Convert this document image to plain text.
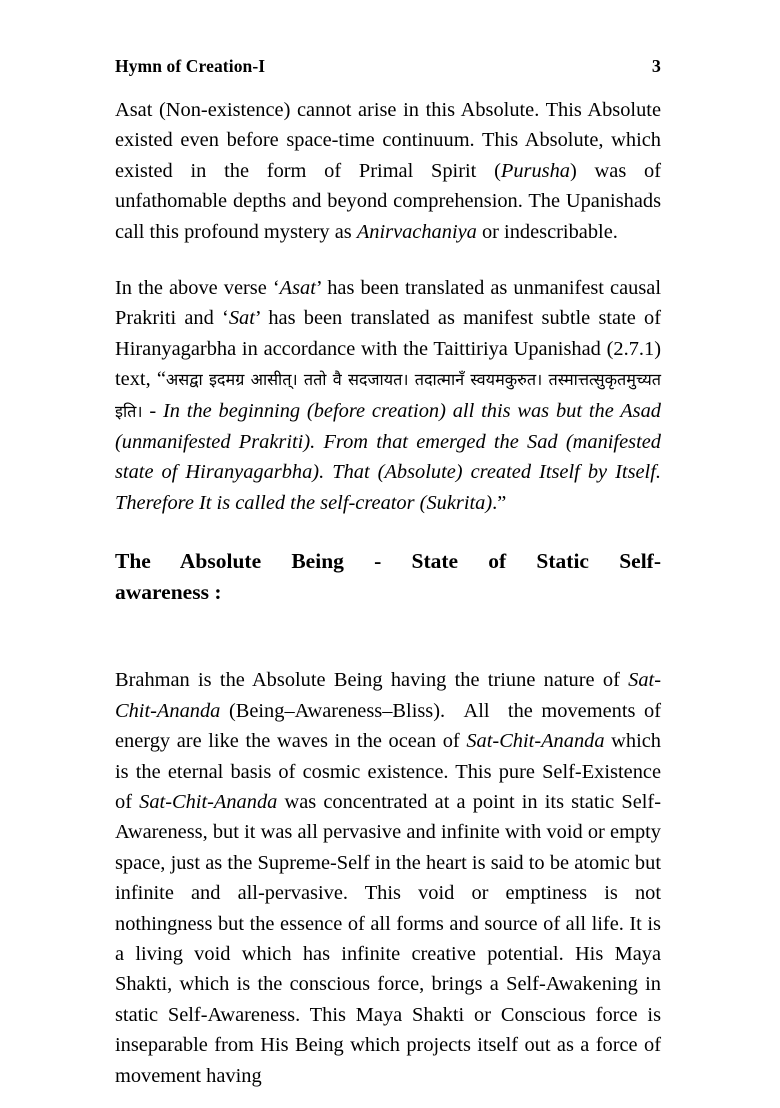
Hymn of Creation-I	3

Asat (Non-existence) cannot arise in this Absolute. This Absolute existed even before space-time continuum. This Absolute, which existed in the form of Primal Spirit (Purusha) was of unfathomable depths and beyond comprehension. The Upanishads call this profound mystery as Anirvachaniya or indescribable.

In the above verse ‘Asat’ has been translated as unmanifest causal Prakriti and ‘Sat’ has been translated as manifest subtle state of Hiranyagarbha in accordance with the Taittiriya Upanishad (2.7.1) text, “असद्वा इदमग्र आसीत्। ततो वै सदजायत। तदात्मानँ स्वयमकुरुत। तस्मात्तत्सुकृतमुच्यत इति। - In the beginning (before creation) all this was but the Asad (unmanifested Prakriti). From that emerged the Sad (manifested state of Hiranyagarbha). That (Absolute) created Itself by Itself. Therefore It is called the self-creator (Sukrita).”

The Absolute Being - State of Static Self-
awareness :

Brahman is the Absolute Being having the triune nature of Sat-Chit-Ananda (Being–Awareness–Bliss). All the movements of energy are like the waves in the ocean of Sat-Chit-Ananda which is the eternal basis of cosmic existence. This pure Self-Existence of Sat-Chit-Ananda was concentrated at a point in its static Self-Awareness, but it was all pervasive and infinite with void or empty space, just as the Supreme-Self in the heart is said to be atomic but infinite and all-pervasive. This void or emptiness is not nothingness but the essence of all forms and source of all life. It is a living void which has infinite creative potential. His Maya Shakti, which is the conscious force, brings a Self-Awakening in static Self-Awareness. This Maya Shakti or Conscious force is inseparable from His Being which projects itself out as a force of movement having
